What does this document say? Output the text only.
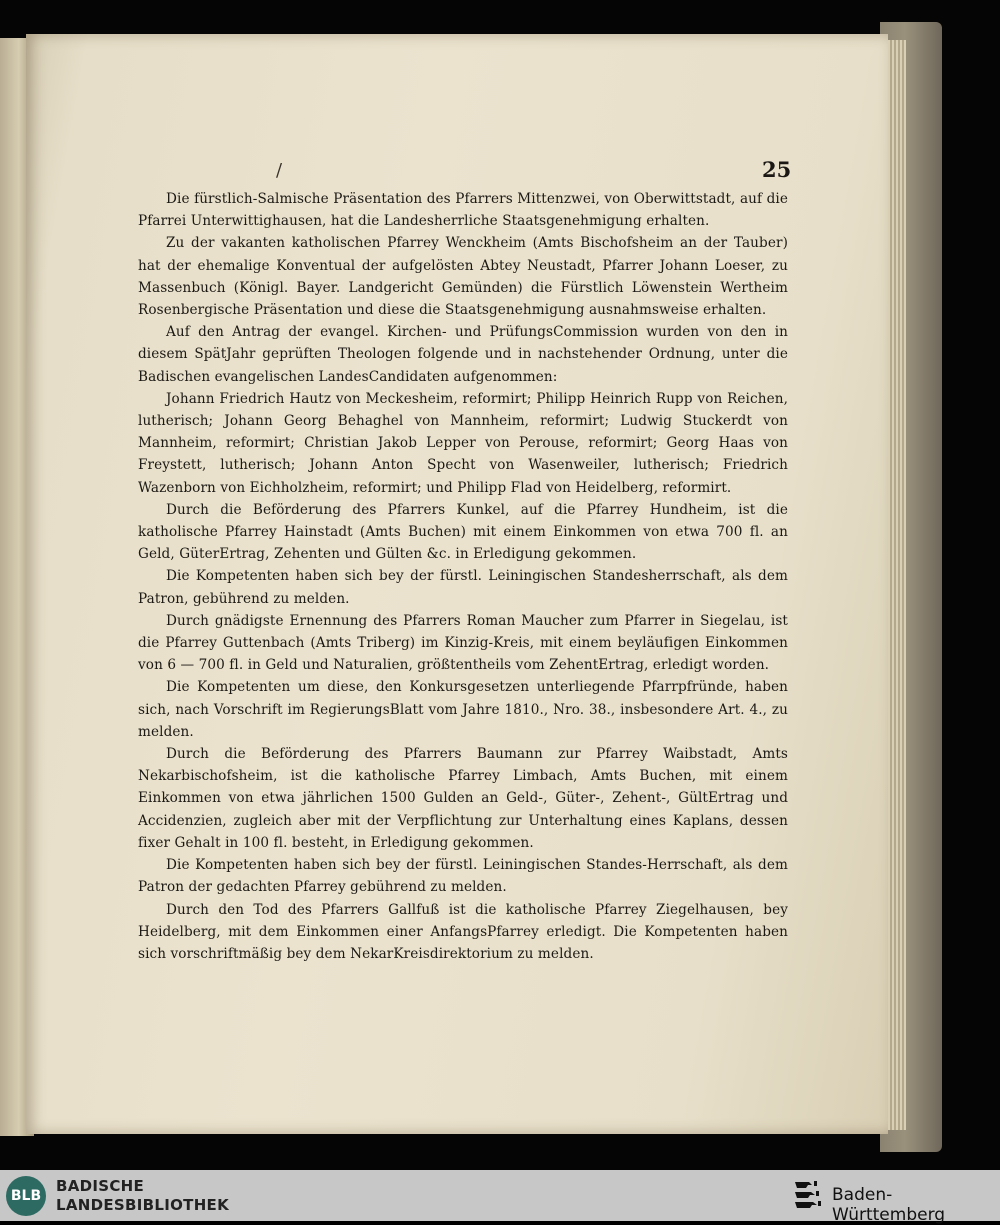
/	25

Die fürstlich-Salmische Präsentation des Pfarrers Mittenzwei, von Oberwittstadt, auf die Pfarrei Unterwittighausen, hat die Landesherrliche Staatsgenehmigung erhalten.

Zu der vakanten katholischen Pfarrey Wenckheim (Amts Bischofsheim an der Tauber) hat der ehemalige Konventual der aufgelösten Abtey Neustadt, Pfarrer Johann Loeser, zu Massenbuch (Königl. Bayer. Landgericht Gemünden) die Fürstlich Löwenstein Wertheim Rosenbergische Präsentation und diese die Staatsgenehmigung ausnahmsweise erhalten.

Auf den Antrag der evangel. Kirchen- und PrüfungsCommission wurden von den in diesem SpätJahr geprüften Theologen folgende und in nachstehender Ordnung, unter die Badischen evangelischen LandesCandidaten aufgenommen:

Johann Friedrich Hautz von Meckesheim, reformirt; Philipp Heinrich Rupp von Reichen, lutherisch; Johann Georg Behaghel von Mannheim, reformirt; Ludwig Stuckerdt von Mannheim, reformirt; Christian Jakob Lepper von Perouse, reformirt; Georg Haas von Freystett, lutherisch; Johann Anton Specht von Wasenweiler, lutherisch; Friedrich Wazenborn von Eichholzheim, reformirt; und Philipp Flad von Heidelberg, reformirt.

Durch die Beförderung des Pfarrers Kunkel, auf die Pfarrey Hundheim, ist die katholische Pfarrey Hainstadt (Amts Buchen) mit einem Einkommen von etwa 700 fl. an Geld, GüterErtrag, Zehenten und Gülten &c. in Erledigung gekommen.

Die Kompetenten haben sich bey der fürstl. Leiningischen Standesherrschaft, als dem Patron, gebührend zu melden.

Durch gnädigste Ernennung des Pfarrers Roman Maucher zum Pfarrer in Siegelau, ist die Pfarrey Guttenbach (Amts Triberg) im Kinzig-Kreis, mit einem beyläufigen Einkommen von 6 — 700 fl. in Geld und Naturalien, größtentheils vom ZehentErtrag, erledigt worden.

Die Kompetenten um diese, den Konkursgesetzen unterliegende Pfarrpfründe, haben sich, nach Vorschrift im RegierungsBlatt vom Jahre 1810., Nro. 38., insbesondere Art. 4., zu melden.

Durch die Beförderung des Pfarrers Baumann zur Pfarrey Waibstadt, Amts Nekarbischofsheim, ist die katholische Pfarrey Limbach, Amts Buchen, mit einem Einkommen von etwa jährlichen 1500 Gulden an Geld-, Güter-, Zehent-, GültErtrag und Accidenzien, zugleich aber mit der Verpflichtung zur Unterhaltung eines Kaplans, dessen fixer Gehalt in 100 fl. besteht, in Erledigung gekommen.

Die Kompetenten haben sich bey der fürstl. Leiningischen Standes-Herrschaft, als dem Patron der gedachten Pfarrey gebührend zu melden.

Durch den Tod des Pfarrers Gallfuß ist die katholische Pfarrey Ziegelhausen, bey Heidelberg, mit dem Einkommen einer AnfangsPfarrey erledigt. Die Kompetenten haben sich vorschriftmäßig bey dem NekarKreisdirektorium zu melden.

BLB
BADISCHE
LANDESBIBLIOTHEK	Baden-Württemberg
